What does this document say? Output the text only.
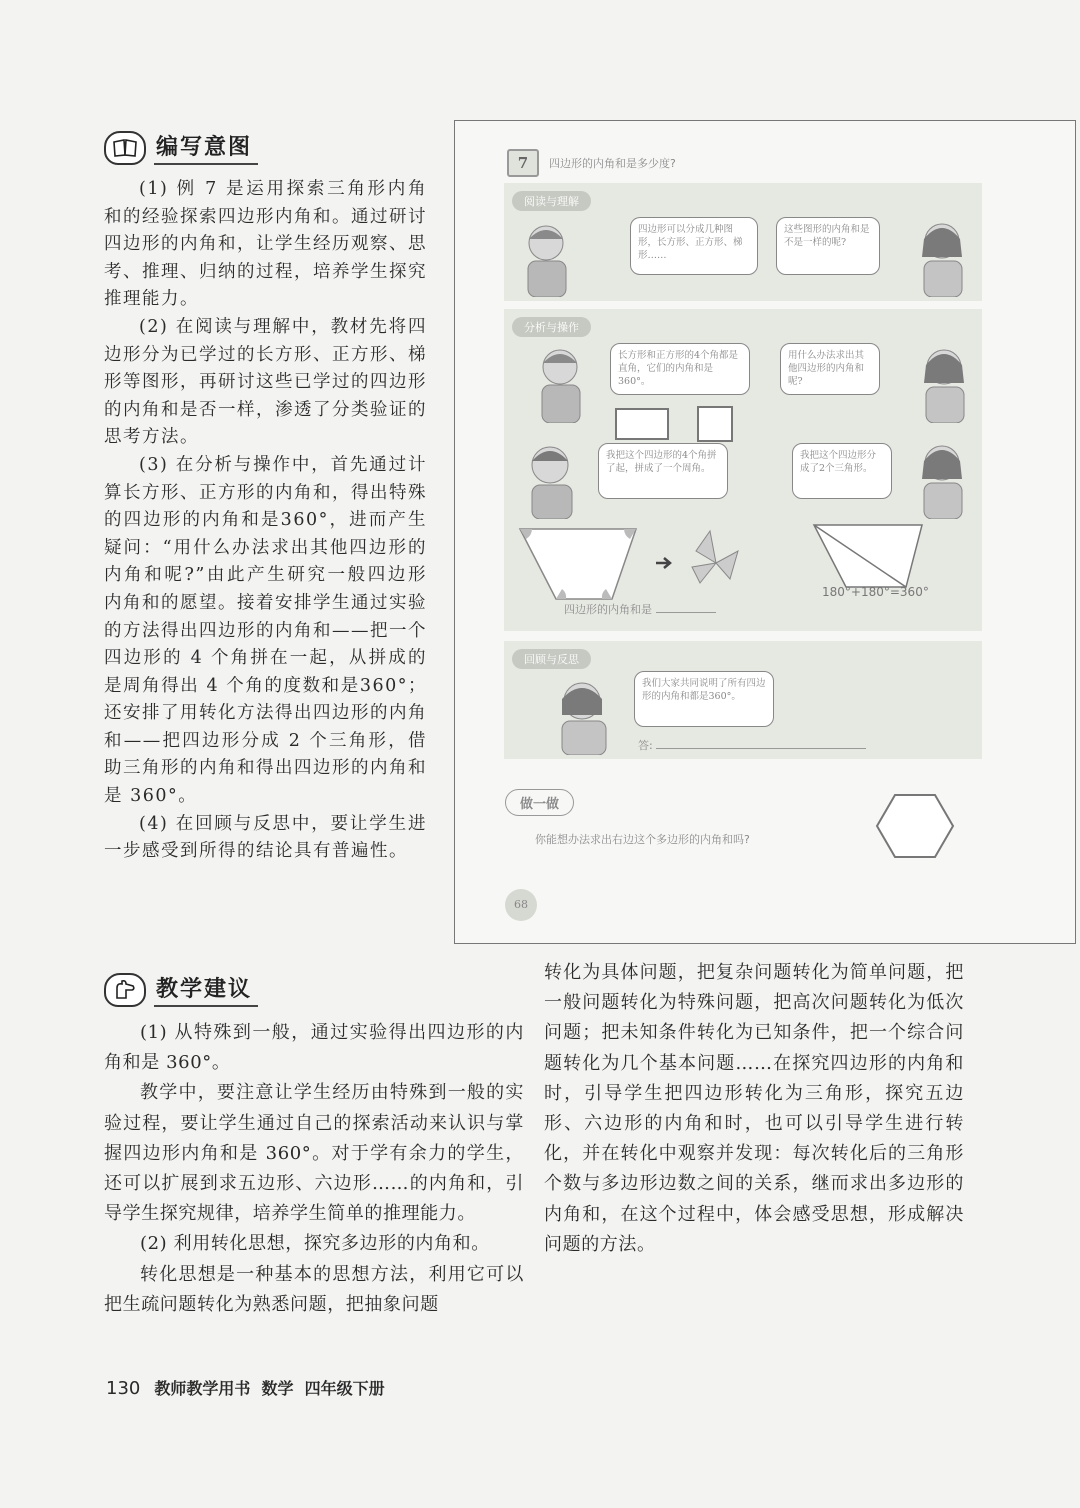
编写意图

(1) 例 7 是运用探索三角形内角和的经验探索四边形内角和。通过研讨四边形的内角和，让学生经历观察、思考、推理、归纳的过程，培养学生探究推理能力。

(2) 在阅读与理解中，教材先将四边形分为已学过的长方形、正方形、梯形等图形，再研讨这些已学过的四边形的内角和是否一样，渗透了分类验证的思考方法。

(3) 在分析与操作中，首先通过计算长方形、正方形的内角和，得出特殊的四边形的内角和是360°，进而产生疑问：“用什么办法求出其他四边形的内角和呢?”由此产生研究一般四边形内角和的愿望。接着安排学生通过实验的方法得出四边形的内角和——把一个四边形的 4 个角拼在一起，从拼成的是周角得出 4 个角的度数和是360°；还安排了用转化方法得出四边形的内角和——把四边形分成 2 个三角形，借助三角形的内角和得出四边形的内角和是 360°。

(4) 在回顾与反思中，要让学生进一步感受到所得的结论具有普遍性。

7	四边形的内角和是多少度?
阅读与理解
四边形可以分成几种图形，长方形、正方形、梯形……
这些图形的内角和是不是一样的呢?
分析与操作
长方形和正方形的4个角都是直角，它们的内角和是360°。
用什么办法求出其他四边形的内角和呢?
我把这个四边形的4个角拼了起，拼成了一个周角。
我把这个四边形分成了2个三角形。
四边形的内角和是
180°+180°=360°
回顾与反思
我们大家共同说明了所有四边形的内角和都是360°。
答:
做一做
你能想办法求出右边这个多边形的内角和吗?
68
教学建议

(1) 从特殊到一般，通过实验得出四边形的内角和是 360°。

教学中，要注意让学生经历由特殊到一般的实验过程，要让学生通过自己的探索活动来认识与掌握四边形内角和是 360°。对于学有余力的学生，还可以扩展到求五边形、六边形……的内角和，引导学生探究规律，培养学生简单的推理能力。

(2) 利用转化思想，探究多边形的内角和。

转化思想是一种基本的思想方法，利用它可以把生疏问题转化为熟悉问题，把抽象问题

转化为具体问题，把复杂问题转化为简单问题，把一般问题转化为特殊问题，把高次问题转化为低次问题；把未知条件转化为已知条件，把一个综合问题转化为几个基本问题……在探究四边形的内角和时，引导学生把四边形转化为三角形，探究五边形、六边形的内角和时，也可以引导学生进行转化，并在转化中观察并发现：每次转化后的三角形个数与多边形边数之间的关系，继而求出多边形的内角和，在这个过程中，体会感受思想，形成解决问题的方法。

130 教师教学用书  数学  四年级下册
